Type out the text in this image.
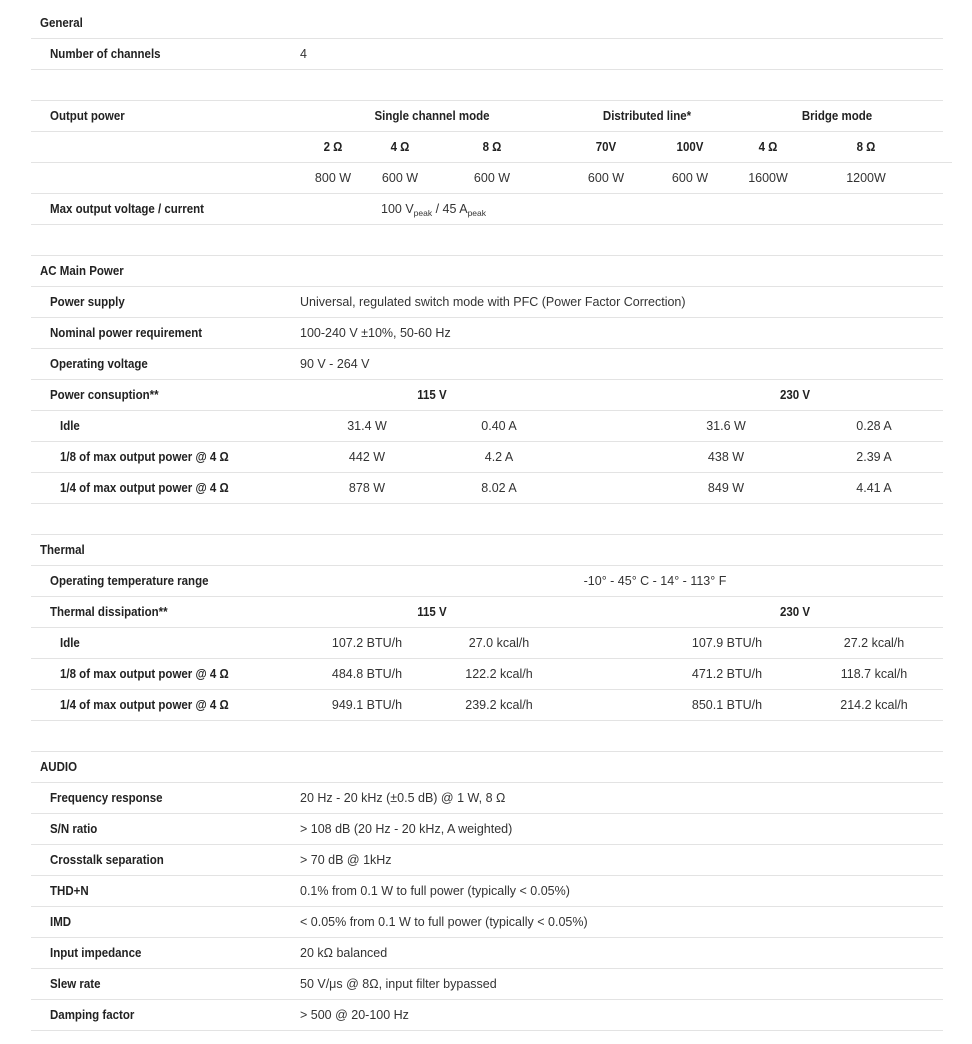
General
Number of channels	4
Output power	Single channel mode	Distributed line*	Bridge mode
2 Ω	4 Ω	8 Ω	70V	100V	4 Ω	8 Ω
800 W	600 W	600 W	600 W	600 W	1600W	1200W
Max output voltage / current	100 $V_{peak} / 45$ $A_{peak}$
AC Main Power
Power supply	Universal, regulated switch mode with PFC (Power Factor Correction)
Nominal power requirement	100-240 V ±10%, 50-60 Hz
Operating voltage	90 V - 264 V
Power consuption**	115 V	230 V
Idle	31.4 W	0.40 A	31.6 W	0.28 A
1/8 of max output power @ 4 Ω	442 W	4.2 A	438 W	2.39 A
1/4 of max output power @ 4 Ω	878 W	8.02 A	849 W	4.41 A
Thermal
Operating temperature range	-10° - 45° C - 14° - 113° F
Thermal dissipation**	115 V	230 V
Idle	107.2 BTU/h	27.0 kcal/h	107.9 BTU/h	27.2 kcal/h
1/8 of max output power @ 4 Ω	484.8 BTU/h	122.2 kcal/h	471.2 BTU/h	118.7 kcal/h
1/4 of max output power @ 4 Ω	949.1 BTU/h	239.2 kcal/h	850.1 BTU/h	214.2 kcal/h
AUDIO
Frequency response	20 Hz - 20 kHz (±0.5 dB) @ 1 W, 8 Ω
S/N ratio	> 108 dB (20 Hz - 20 kHz, A weighted)
Crosstalk separation	> 70 dB @ 1kHz
THD+N	0.1% from 0.1 W to full power (typically < 0.05%)
IMD	< 0.05% from 0.1 W to full power (typically < 0.05%)
Input impedance	20 kΩ balanced
Slew rate	50 V/μs @ 8Ω, input filter bypassed
Damping factor	> 500 @ 20-100 Hz
